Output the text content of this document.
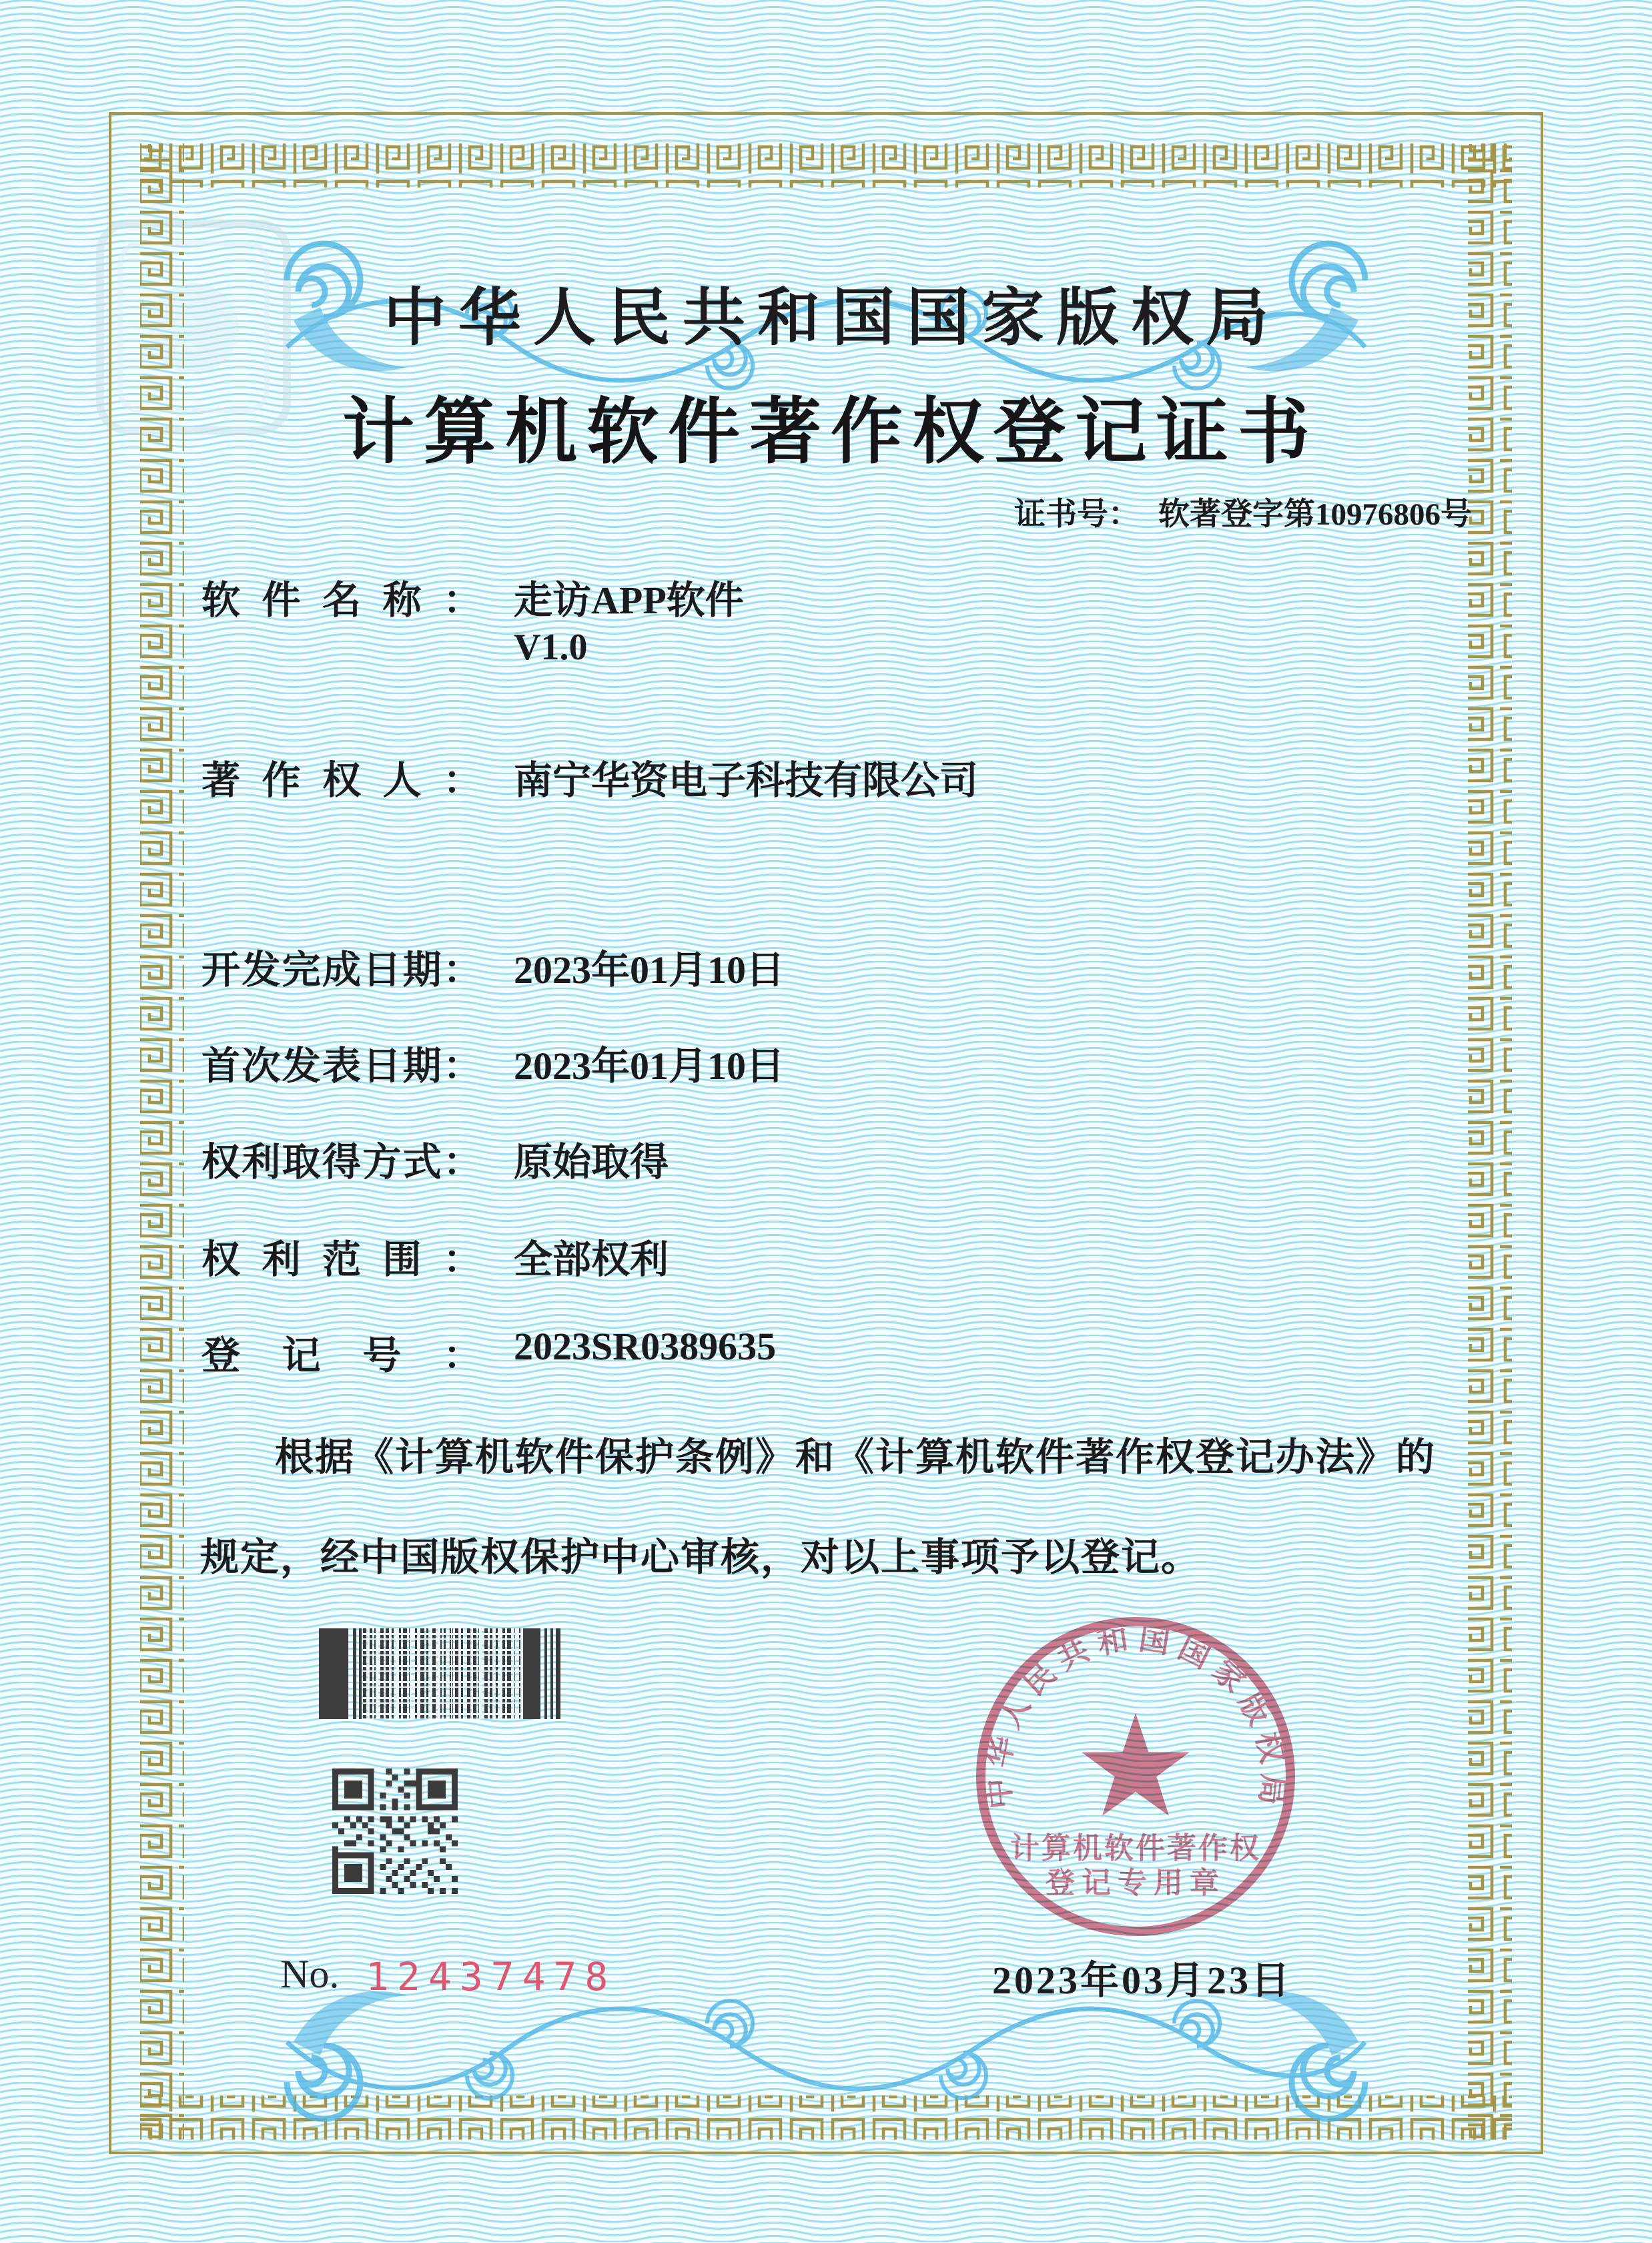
中华人民共和国国家版权局
计算机软件著作权登记证书
证书号： 软著登字第10976806号
软件名称： 走访APP软件
V1.0
著作权人： 南宁华资电子科技有限公司
开发完成日期： 2023年01月10日
首次发表日期： 2023年01月10日
权利取得方式： 原始取得
权利范围： 全部权利
登记号： 2023SR0389635
根据《计算机软件保护条例》和《计算机软件著作权登记办法》的
规定，经中国版权保护中心审核，对以上事项予以登记。
No. 12437478
中华人民共和国国家版权局
计算机软件著作权
登记专用章
2023年03月23日
